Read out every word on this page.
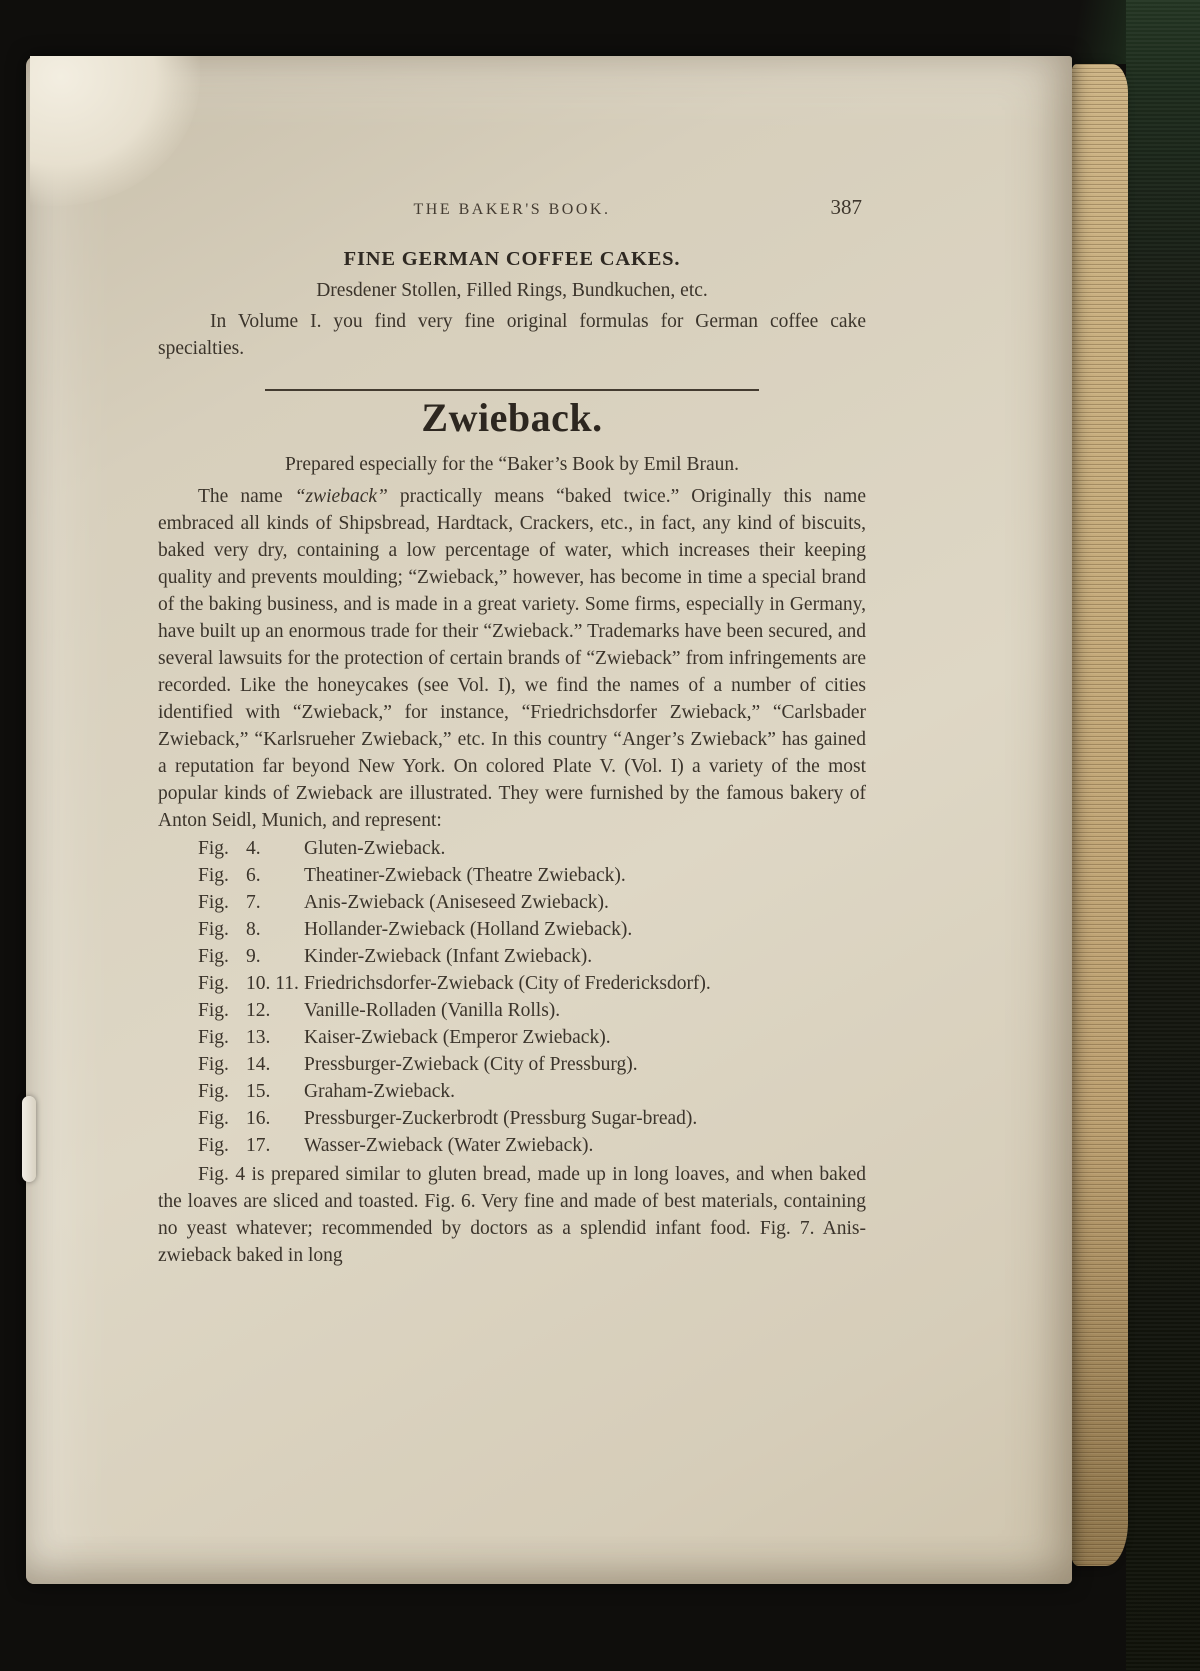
THE BAKER'S BOOK.	387
FINE GERMAN COFFEE CAKES.
Dresdener Stollen, Filled Rings, Bundkuchen, etc.

In Volume I. you find very fine original formulas for German coffee cake specialties.

Zwieback.
Prepared especially for the “Baker’s Book by Emil Braun.

The name “zwieback” practically means “baked twice.” Originally this name embraced all kinds of Shipsbread, Hardtack, Crackers, etc., in fact, any kind of biscuits, baked very dry, containing a low percentage of water, which increases their keeping quality and prevents moulding; “Zwieback,” however, has become in time a special brand of the baking business, and is made in a great variety. Some firms, especially in Germany, have built up an enormous trade for their “Zwieback.” Trademarks have been secured, and several lawsuits for the protection of certain brands of “Zwieback” from infringements are recorded. Like the honeycakes (see Vol. I), we find the names of a number of cities identified with “Zwieback,” for instance, “Friedrichsdorfer Zwieback,” “Carlsbader Zwieback,” “Karlsrueher Zwieback,” etc. In this country “Anger’s Zwieback” has gained a reputation far beyond New York. On colored Plate V. (Vol. I) a variety of the most popular kinds of Zwieback are illustrated. They were furnished by the famous bakery of Anton Seidl, Munich, and represent:

Fig. 4.	Gluten-Zwieback.
Fig. 6.	Theatiner-Zwieback (Theatre Zwieback).
Fig. 7.	Anis-Zwieback (Aniseseed Zwieback).
Fig. 8.	Hollander-Zwieback (Holland Zwieback).
Fig. 9.	Kinder-Zwieback (Infant Zwieback).
Fig. 10. 11. Friedrichsdorfer-Zwieback (City of Fredericksdorf).
Fig. 12.	Vanille-Rolladen (Vanilla Rolls).
Fig. 13.	Kaiser-Zwieback (Emperor Zwieback).
Fig. 14.	Pressburger-Zwieback (City of Pressburg).
Fig. 15.	Graham-Zwieback.
Fig. 16.	Pressburger-Zuckerbrodt (Pressburg Sugar-bread).
Fig. 17.	Wasser-Zwieback (Water Zwieback).

Fig. 4 is prepared similar to gluten bread, made up in long loaves, and when baked the loaves are sliced and toasted. Fig. 6. Very fine and made of best materials, containing no yeast whatever; recommended by doctors as a splendid infant food. Fig. 7. Anis-zwieback baked in long
